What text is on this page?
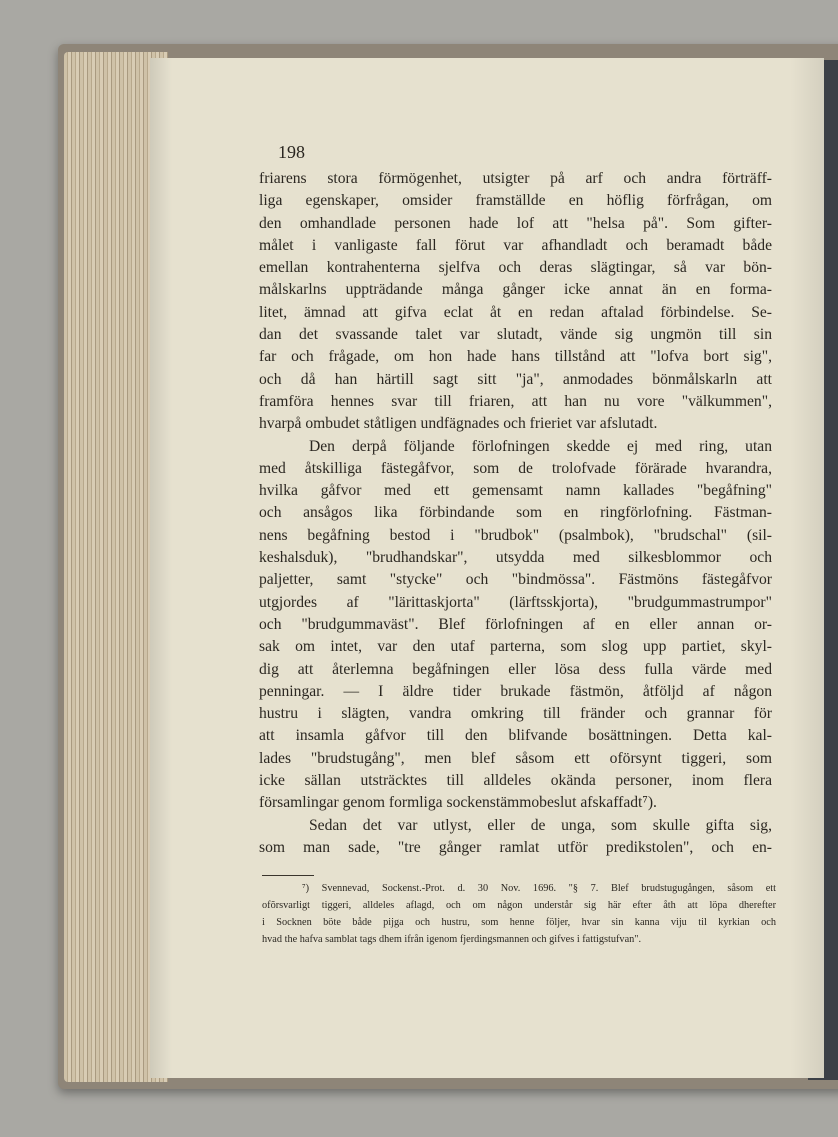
198
friarens stora förmögenhet, utsigter på arf och andra förträff-
liga egenskaper, omsider framställde en höflig förfrågan, om
den omhandlade personen hade lof att "helsa på". Som gifter-
målet i vanligaste fall förut var afhandladt och beramadt både
emellan kontrahenterna sjelfva och deras slägtingar, så var bön-
målskarlns uppträdande många gånger icke annat än en forma-
litet, ämnad att gifva eclat åt en redan aftalad förbindelse. Se-
dan det svassande talet var slutadt, vände sig ungmön till sin
far och frågade, om hon hade hans tillstånd att "lofva bort sig",
och då han härtill sagt sitt "ja", anmodades bönmålskarln att
framföra hennes svar till friaren, att han nu vore "välkummen",
hvarpå ombudet ståtligen undfägnades och frieriet var afslutadt.
Den derpå följande förlofningen skedde ej med ring, utan
med åtskilliga fästegåfvor, som de trolofvade förärade hvarandra,
hvilka gåfvor med ett gemensamt namn kallades "begåfning"
och ansågos lika förbindande som en ringförlofning. Fästman-
nens begåfning bestod i "brudbok" (psalmbok), "brudschal" (sil-
keshalsduk), "brudhandskar", utsydda med silkesblommor och
paljetter, samt "stycke" och "bindmössa". Fästmöns fästegåfvor
utgjordes af "lärittaskjorta" (lärftsskjorta), "brudgummastrumpor"
och "brudgummaväst". Blef förlofningen af en eller annan or-
sak om intet, var den utaf parterna, som slog upp partiet, skyl-
dig att återlemna begåfningen eller lösa dess fulla värde med
penningar. — I äldre tider brukade fästmön, åtföljd af någon
hustru i slägten, vandra omkring till fränder och grannar för
att insamla gåfvor till den blifvande bosättningen. Detta kal-
lades "brudstugång", men blef såsom ett oförsynt tiggeri, som
icke sällan utsträcktes till alldeles okända personer, inom flera
församlingar genom formliga sockenstämmobeslut afskaffadt⁷).
Sedan det var utlyst, eller de unga, som skulle gifta sig,
som man sade, "tre gånger ramlat utför predikstolen", och en-
⁷) Svennevad, Sockenst.-Prot. d. 30 Nov. 1696. "§ 7. Blef brudstugugången, såsom ett
ofõrsvarligt tiggeri, alldeles aflagd, och om någon understår sig här efter åth att löpa dherefter
i Socknen böte både pijga och hustru, som henne följer, hvar sin kanna viju til kyrkian och
hvad the hafva samblat tags dhem ifrån igenom fjerdingsmannen och gifves i fattigstufvan".
